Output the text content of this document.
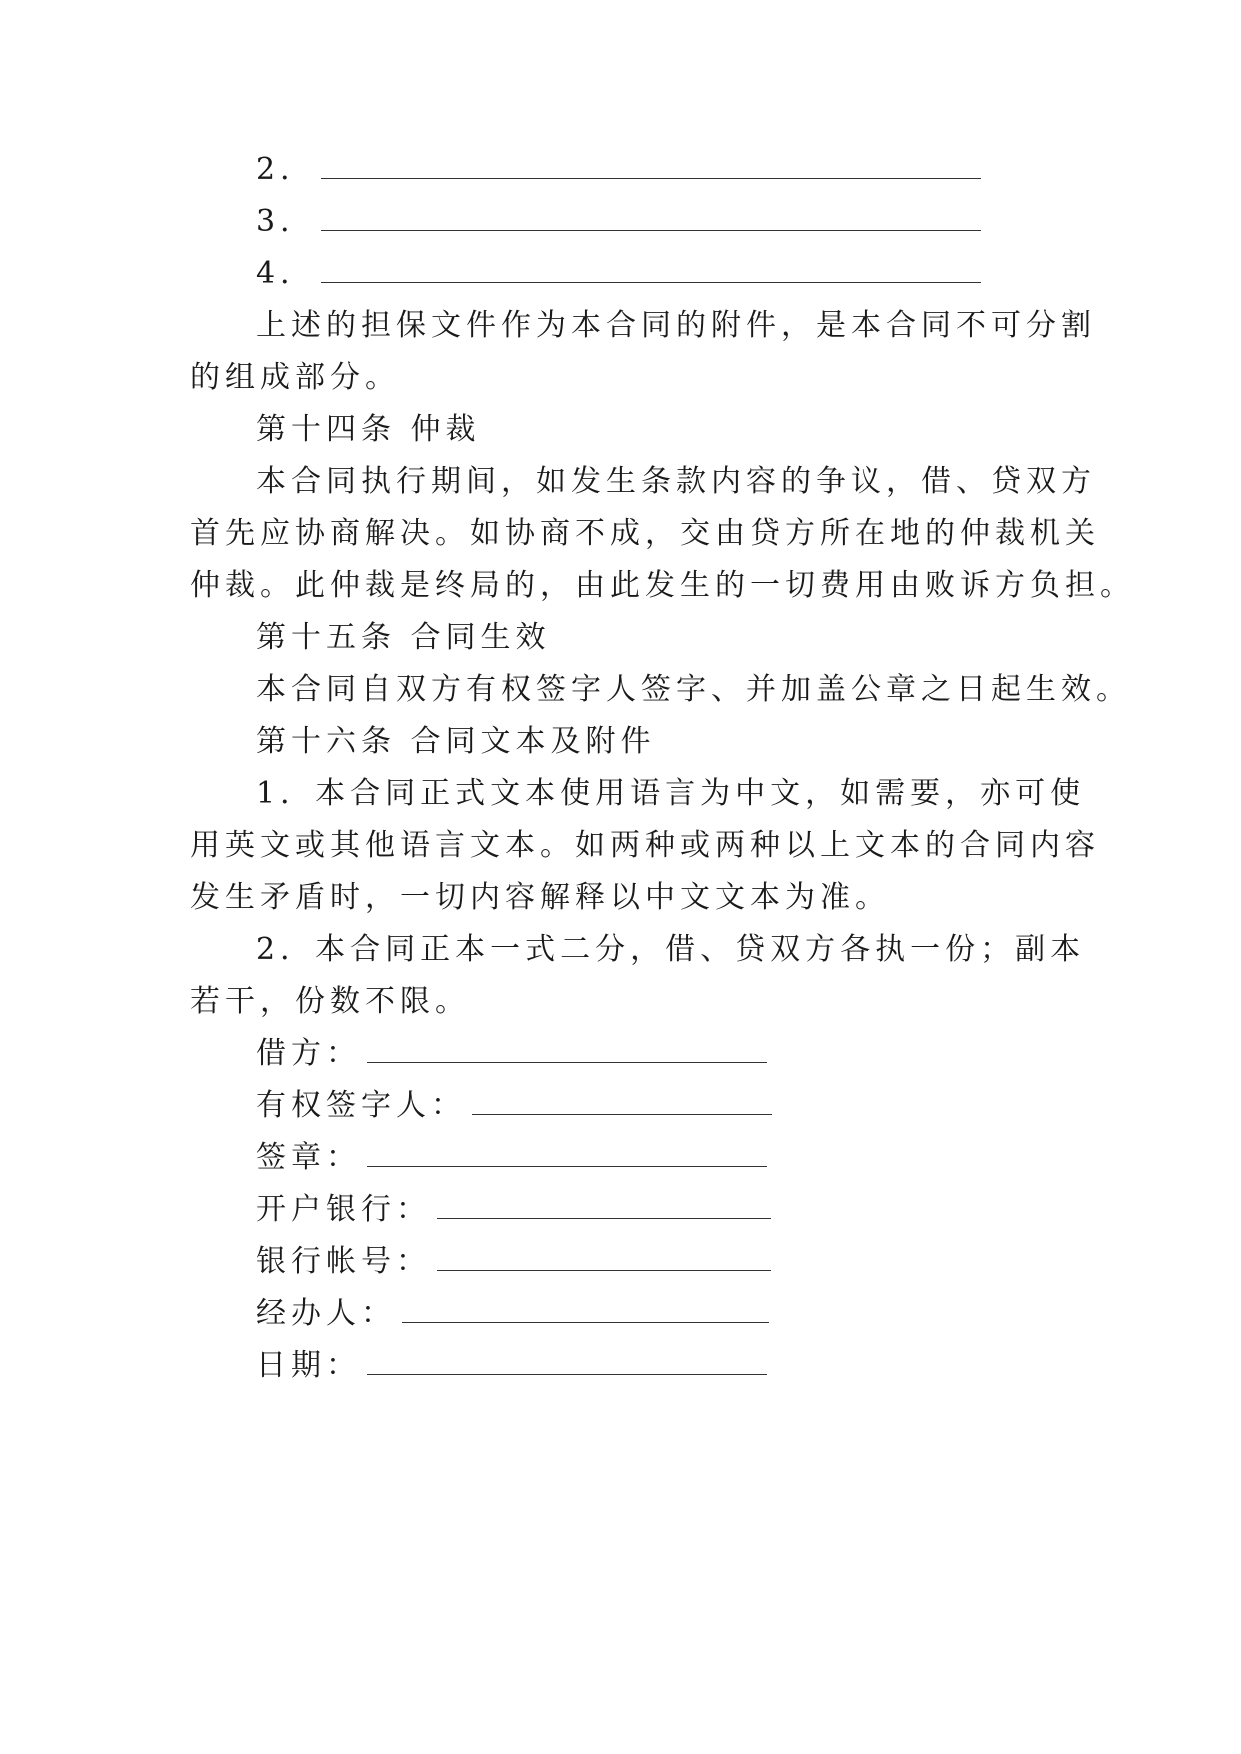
2．
3．
4．
上述的担保文件作为本合同的附件，是本合同不可分割
的组成部分。
第十四条 仲裁
本合同执行期间，如发生条款内容的争议，借、贷双方
首先应协商解决。如协商不成，交由贷方所在地的仲裁机关
仲裁。此仲裁是终局的，由此发生的一切费用由败诉方负担。
第十五条 合同生效
本合同自双方有权签字人签字、并加盖公章之日起生效。
第十六条 合同文本及附件
1．本合同正式文本使用语言为中文，如需要，亦可使
用英文或其他语言文本。如两种或两种以上文本的合同内容
发生矛盾时，一切内容解释以中文文本为准。
2．本合同正本一式二分，借、贷双方各执一份；副本
若干，份数不限。
借方：
有权签字人：
签章：
开户银行：
银行帐号：
经办人：
日期：
